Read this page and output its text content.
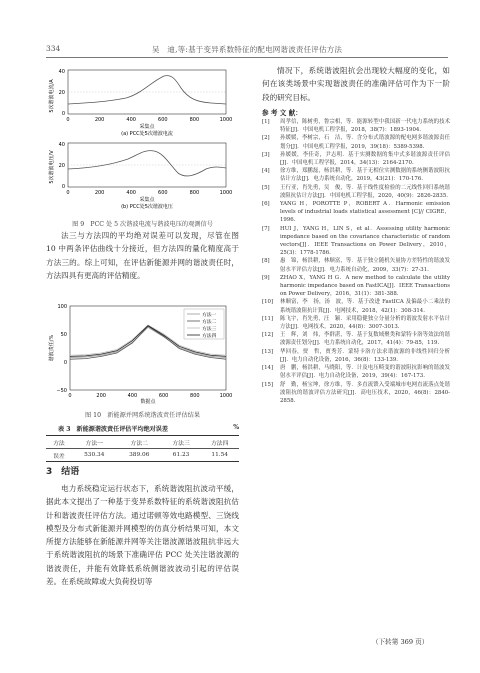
334	吴　迪,等:基于变异系数特征的配电网谐波责任评估方法
5次谐波电流/A
40
20
0
0	200	400	600	800	1000
采集点
(a) PCC处5次谐波电流
5次谐波电压/V
40
20
0
0	200	400	600	800	1000
采集点
(b) PCC处5次谐波电压
图 9　PCC 处 5 次谐波电流与谐波电压的观测信号

法三与方法四的平均绝对误差可以发现，尽管在图 10 中两条评估曲线十分接近，但方法四的量化精度高于方法三的。综上可知，在评估新能源并网的谐波责任时，方法四具有更高的评估精度。

谐波责任/%
100
50
0
−50
0	200	400	600	800	1000
数据点
方法一
方法二
方法三
方法四
图 10　新能源并网系统谐波责任评估结果
表 3　新能源谐波责任评估平均绝对误差	%
方法	方法一	方法二	方法三	方法四
误差	530.34	389.06	61.23	11.54
3　结语

电力系统稳定运行状态下，系统谐波阻抗波动平缓，据此本文提出了一种基于变异系数特征的系统谐波阻抗估计和谐波责任评估方法。通过诺顿等效电路模型、三饶线模型及分布式新能源并网模型的仿真分析结果可知，本文所提方法能够在新能源并网等关注谐波源谐波阻抗非远大于系统谐波阻抗的场景下准确评估 PCC 处关注谐波源的谐波责任，并能有效降低系统侧谐波波动引起的评估误差。在系统故障或大负荷投切等

情况下，系统谐波阻抗会出现较大幅度的变化，如何在该类场景中实现谐波责任的准确评估可作为下一阶段的研究目标。

参 考 文 献：
[1]	周孝信，陈树勇，鲁宗相，等．能源转型中我国新一代电力系统的技术特征[J]．中国电机工程学报，2018，38(7)：1893-1904.
[2]	孙媛媛，李树宗，石　洁，等．含分布式谐波源的配电网多谐波源责任划分[J]．中国电机工程学报，2019，39(18)：5389-5398.
[3]	孙媛媛，李佳奇，尹志明．基于实测数据的集中式多谐波源责任评估[J]．中国电机工程学报，2014，34(13)：2164-2170.
[4]	徐方维，郑鹏磊，杨洪耕，等．基于无相位实测数据的系统侧谐波阻抗估计方法[J]．电力系统自动化，2019，43(21)：170-176.
[5]	王行亚，肖先勇，吴　俊，等．基于线性度检验的二元线性回归系统谐波阻抗估计方法[J]．中国电机工程学报，2020，40(9)：2826-2835.
[6]	YANG H，POROTTE P，ROBERT A．Harmonic emission levels of industrial loads statistical assessment [C]// CIGRE，1996.
[7]	HUI J，YANG H，LIN S，et al．Assessing utility harmonic impedance based on the covariance characteristic of random vectors[J]．IEEE Transactions on Power Delivery，2010，25(3)：1778-1786.
[8]	惠　锦，杨洪耕，林顺富，等．基于独立随机矢量协方差特性的谐波发射水平评估方法[J]．电力系统自动化，2009，33(7)：27-31.
[9]	ZHAO X，YANG H G．A new method to calculate the utility harmonic impedance based on FastICA[J]．IEEE Transactions on Power Delivery，2016，31(1)：381-388.
[10]	林顺富，李　扬，汤　波，等．基于改进 FastICA 及偏最小二乘法的系统谐波阻抗计算[J]．电网技术，2018，42(1)：308-314.
[11]	陈飞宇，肖先勇，汪　颖．采用稳健独立分量分析的谐波发射水平估计方法[J]．电网技术，2020，44(8)：3007-3013.
[12]	王　辉，刘　炜，李群湛，等．基于复数域聚类和蒙特卡洛等效法的谐波源责任划分[J]．电力系统自动化，2017，41(4)：79-85，119.
[13]	华回春，贾　哲，贾秀芳．蒙特卡洛方法求谐波源的非线性回归分析[J]．电力自动化设备，2016，36(8)：133-139.
[14]	唐　鹏，杨洪耕，马晓阳，等．计及电压畸变的谐波阻抗影响的谐波发射水平评估[J]．电力自动化设备，2019，39(4)：167-173.
[15]	舒　勤，杨宝坤，徐方维，等．多直流馈入受端城市电网直流落点处谐波阻抗的谐波评估方法研究[J]．高电压技术，2020，46(8)：2840-2858.
（下转第 369 页）
